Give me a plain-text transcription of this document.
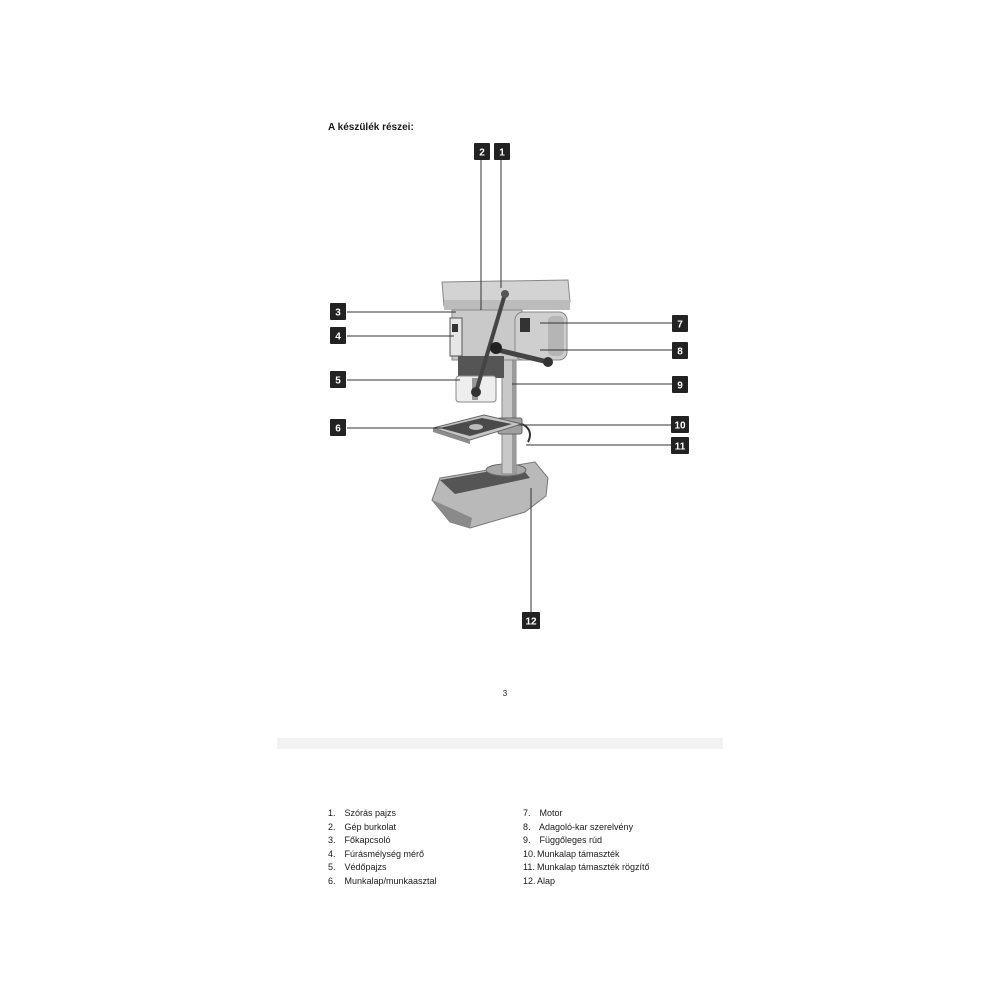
A készülék részei:
1
2
3
4
5
6
7
8
9
10
11
12
3
1. Szórás pajzs
2. Gép burkolat
3. Főkapcsoló
4. Fúrásmélység mérő
5. Védőpajzs
6. Munkalap/munkaasztal
7. Motor
8. Adagoló-kar szerelvény
9. Függőleges rúd
10.Munkalap támaszték
11. Munkalap támaszték rögzítő
12.Alap
